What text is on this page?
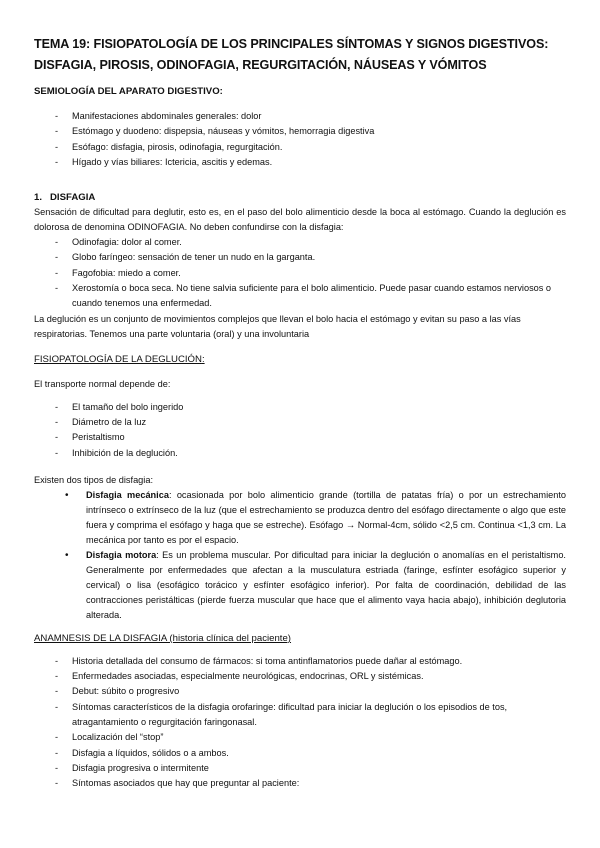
TEMA 19: FISIOPATOLOGÍA DE LOS PRINCIPALES SÍNTOMAS Y SIGNOS DIGESTIVOS: DISFAGIA, PIROSIS, ODINOFAGIA, REGURGITACIÓN, NÁUSEAS Y VÓMITOS
SEMIOLOGÍA DEL APARATO DIGESTIVO:
- Manifestaciones abdominales generales: dolor
- Estómago y duodeno: dispepsia, náuseas y vómitos, hemorragia digestiva
- Esófago: disfagia, pirosis, odinofagia, regurgitación.
- Hígado y vías biliares: Ictericia, ascitis y edemas.
1.   DISFAGIA

Sensación de dificultad para deglutir, esto es, en el paso del bolo alimenticio desde la boca al estómago. Cuando la deglución es dolorosa de denomina ODINOFAGIA. No deben confundirse con la disfagia:

- Odinofagia: dolor al comer.
- Globo faríngeo: sensación de tener un nudo en la garganta.
- Fagofobia: miedo a comer.
- Xerostomía o boca seca. No tiene salvia suficiente para el bolo alimenticio. Puede pasar cuando estamos nerviosos o cuando tenemos una enfermedad.

La deglución es un conjunto de movimientos complejos que llevan el bolo hacia el estómago y evitan su paso a las vías respiratorias. Tenemos una parte voluntaria (oral) y una involuntaria

FISIOPATOLOGÍA DE LA DEGLUCIÓN:

El transporte normal depende de:

- El tamaño del bolo ingerido
- Diámetro de la luz
- Peristaltismo
- Inhibición de la deglución.

Existen dos tipos de disfagia:

• Disfagia mecánica: ocasionada por bolo alimenticio grande (tortilla de patatas fría) o por un estrechamiento intrínseco o extrínseco de la luz (que el estrechamiento se produzca dentro del esófago directamente o algo que este fuera y comprima el esófago y haga que se estreche). Esófago → Normal-4cm, sólido <2,5 cm. Continua <1,3 cm. La mecánica por tanto es por el espacio.
• Disfagia motora: Es un problema muscular. Por dificultad para iniciar la deglución o anomalías en el peristaltismo. Generalmente por enfermedades que afectan a la musculatura estriada (faringe, esfínter esofágico superior y cervical) o lisa (esofágico torácico y esfínter esofágico inferior). Por falta de coordinación, debilidad de las contracciones peristálticas (pierde fuerza muscular que hace que el alimento vaya hacia abajo), inhibición deglutoria alterada.
ANAMNESIS DE LA DISFAGIA (historia clínica del paciente)
- Historia detallada del consumo de fármacos: si toma antinflamatorios puede dañar al estómago.
- Enfermedades asociadas, especialmente neurológicas, endocrinas, ORL y sistémicas.
- Debut: súbito o progresivo
- Síntomas característicos de la disfagia orofaringe: dificultad para iniciar la deglución o los episodios de tos, atragantamiento o regurgitación faringonasal.
- Localización del “stop”
- Disfagia a líquidos, sólidos o a ambos.
- Disfagia progresiva o intermitente
- Síntomas asociados que hay que preguntar al paciente:
